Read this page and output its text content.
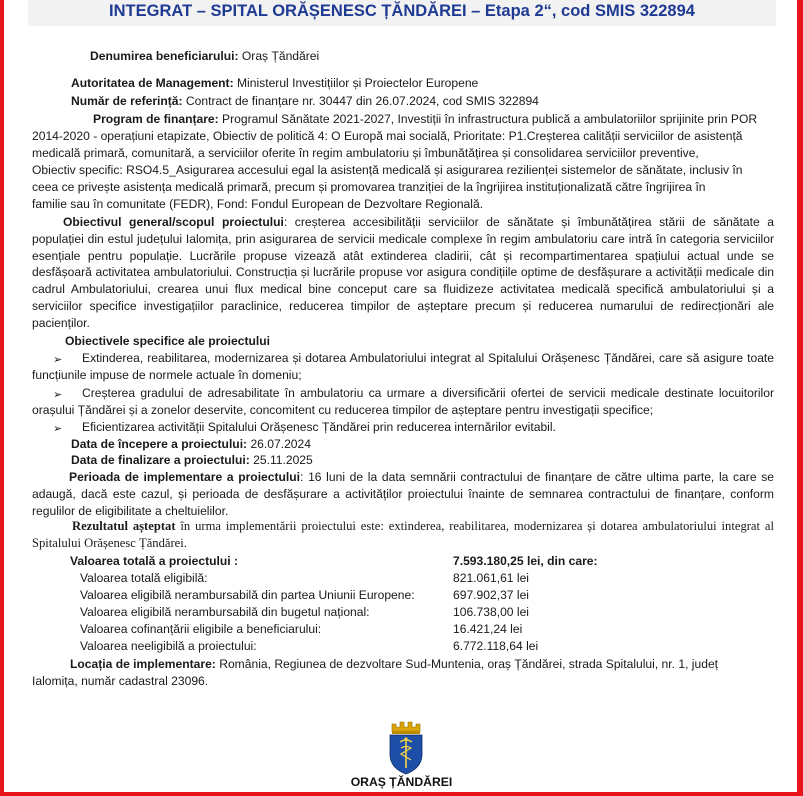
INTEGRAT – SPITAL ORĂȘENESC ȚĂNDĂREI – Etapa 2“, cod SMIS 322894
Denumirea beneficiarului: Oraș Țăndărei
Autoritatea de Management: Ministerul Investițiilor și Proiectelor Europene
Număr de referință: Contract de finanțare nr. 30447 din 26.07.2024, cod SMIS 322894
Program de finanțare: Programul Sănătate 2021-2027, Investiții în infrastructura publică a ambulatoriilor sprijinite prin POR
2014-2020 - operațiuni etapizate, Obiectiv de politică 4: O Europă mai socială, Prioritate: P1.Creșterea calității serviciilor de asistență
medicală primară, comunitară, a serviciilor oferite în regim ambulatoriu și îmbunătățirea și consolidarea serviciilor preventive,
Obiectiv specific: RSO4.5_Asigurarea accesului egal la asistență medicală și asigurarea rezilienței sistemelor de sănătate, inclusiv în
ceea ce privește asistența medicală primară, precum și promovarea tranziției de la îngrijirea instituționalizată către îngrijirea în
familie sau în comunitate (FEDR), Fond: Fondul European de Dezvoltare Regională.
Obiectivul general/scopul proiectului: creșterea accesibilității serviciilor de sănătate și îmbunătățirea stării de sănătate a populației din estul județului Ialomița, prin asigurarea de servicii medicale complexe în regim ambulatoriu care intră în categoria serviciilor esențiale pentru populație. Lucrările propuse vizează atât extinderea cladirii, cât și recompartimentarea spațiului actual unde se desfășoară activitatea ambulatoriului. Construcția și lucrările propuse vor asigura condițiile optime de desfășurare a activității medicale din cadrul Ambulatoriului, crearea unui flux medical bine conceput care sa fluidizeze activitatea medicală specifică ambulatoriului și a serviciilor specifice investigațiilor paraclinice, reducerea timpilor de așteptare precum și reducerea numarului de redirecționări ale pacienților.
Obiectivele specifice ale proiectului
➢	Extinderea, reabilitarea, modernizarea și dotarea Ambulatoriului integrat al Spitalului Orășenesc Țăndărei, care să asigure toate funcțiunile impuse de normele actuale în domeniu;
➢	Creșterea gradului de adresabilitate în ambulatoriu ca urmare a diversificării ofertei de servicii medicale destinate locuitorilor orașului Țăndărei și a zonelor deservite, concomitent cu reducerea timpilor de așteptare pentru investigații specifice;
➢ Eficientizarea activității Spitalului Orășenesc Țăndărei prin reducerea internărilor evitabil.
Data de începere a proiectului: 26.07.2024
Data de finalizare a proiectului: 25.11.2025
Perioada de implementare a proiectului: 16 luni de la data semnării contractului de finanțare de către ultima parte, la care se adaugă, dacă este cazul, și perioada de desfășurare a activităților proiectului înainte de semnarea contractului de finanțare, conform regulilor de eligibilitate a cheltuielilor.
Rezultatul așteptat în urma implementării proiectului este: extinderea, reabilitarea, modernizarea și dotarea ambulatoriului integrat al Spitalului Orășenesc Țăndărei.
Valoarea totală a proiectului :	7.593.180,25 lei, din care:
Valoarea totală eligibilă:	821.061,61 lei
Valoarea eligibilă nerambursabilă din partea Uniunii Europene:	697.902,37 lei
Valoarea eligibilă nerambursabilă din bugetul național:	106.738,00 lei
Valoarea cofinanțării eligibile a beneficiarului:	16.421,24 lei
Valoarea neeligibilă a proiectului:	6.772.118,64 lei
Locația de implementare: România, Regiunea de dezvoltare Sud-Muntenia, oraș Țăndărei, strada Spitalului, nr. 1, județ
Ialomița, număr cadastral 23096.
ORAȘ ȚĂNDĂREI
